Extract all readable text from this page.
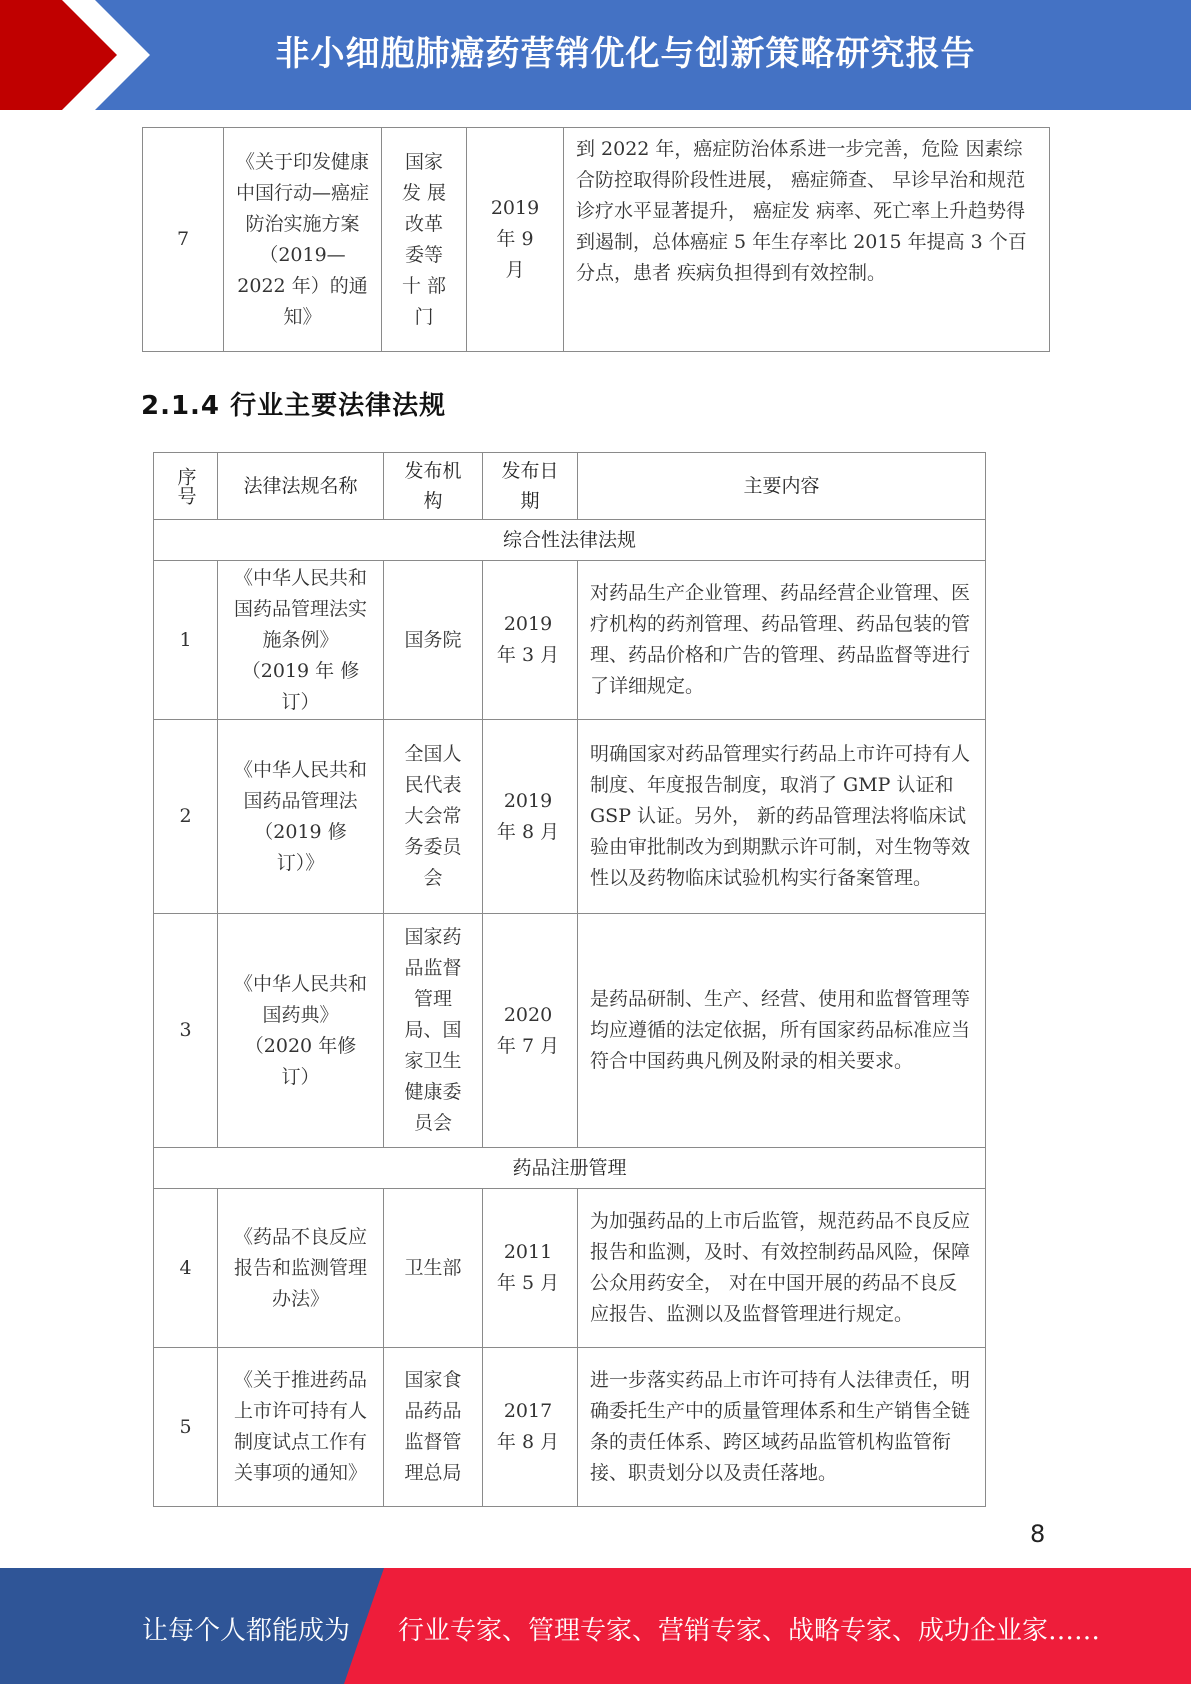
非小细胞肺癌药营销优化与创新策略研究报告
7	《关于印发健康中国行动—癌症防治实施方案（2019—2022 年）的通 知》	国家发 展改革委等十 部门	2019 年 9 月	到 2022 年，癌症防治体系进一步完善，危险 因素综合防控取得阶段性进展， 癌症筛查、 早诊早治和规范诊疗水平显著提升， 癌症发 病率、死亡率上升趋势得到遏制，总体癌症 5 年生存率比 2015 年提高 3 个百分点，患者 疾病负担得到有效控制。
2.1.4 行业主要法律法规
序号	法律法规名称	发布机构	发布日期	主要内容
综合性法律法规				
1	《中华人民共和国药品管理法实施条例》（2019 年 修 订）	国务院	2019 年 3 月	对药品生产企业管理、药品经营企业管理、医疗机构的药剂管理、药品管理、药品包装的管理、药品价格和广告的管理、药品监督等进行了详细规定。
2	《中华人民共和国药品管理法（2019 修 订）》	全国人民代表大会常务委员会	2019 年 8 月	明确国家对药品管理实行药品上市许可持有人制度、年度报告制度，取消了 GMP 认证和 GSP 认证。另外， 新的药品管理法将临床试验由审批制改为到期默示许可制，对生物等效性以及药物临床试验机构实行备案管理。
3	《中华人民共和国药典》（2020 年修订）	国家药品监督管理局、国家卫生健康委员会	2020 年 7 月	是药品研制、生产、经营、使用和监督管理等均应遵循的法定依据，所有国家药品标准应当符合中国药典凡例及附录的相关要求。
药品注册管理				
4	《药品不良反应报告和监测管理办法》	卫生部	2011 年 5 月	为加强药品的上市后监管，规范药品不良反应报告和监测，及时、有效控制药品风险，保障公众用药安全， 对在中国开展的药品不良反应报告、监测以及监督管理进行规定。
5	《关于推进药品上市许可持有人制度试点工作有关事项的通知》	国家食品药品监督管理总局	2017 年 8 月	进一步落实药品上市许可持有人法律责任，明确委托生产中的质量管理体系和生产销售全链条的责任体系、跨区域药品监管机构监管衔接、职责划分以及责任落地。
8
让每个人都能成为 行业专家、管理专家、营销专家、战略专家、成功企业家……
